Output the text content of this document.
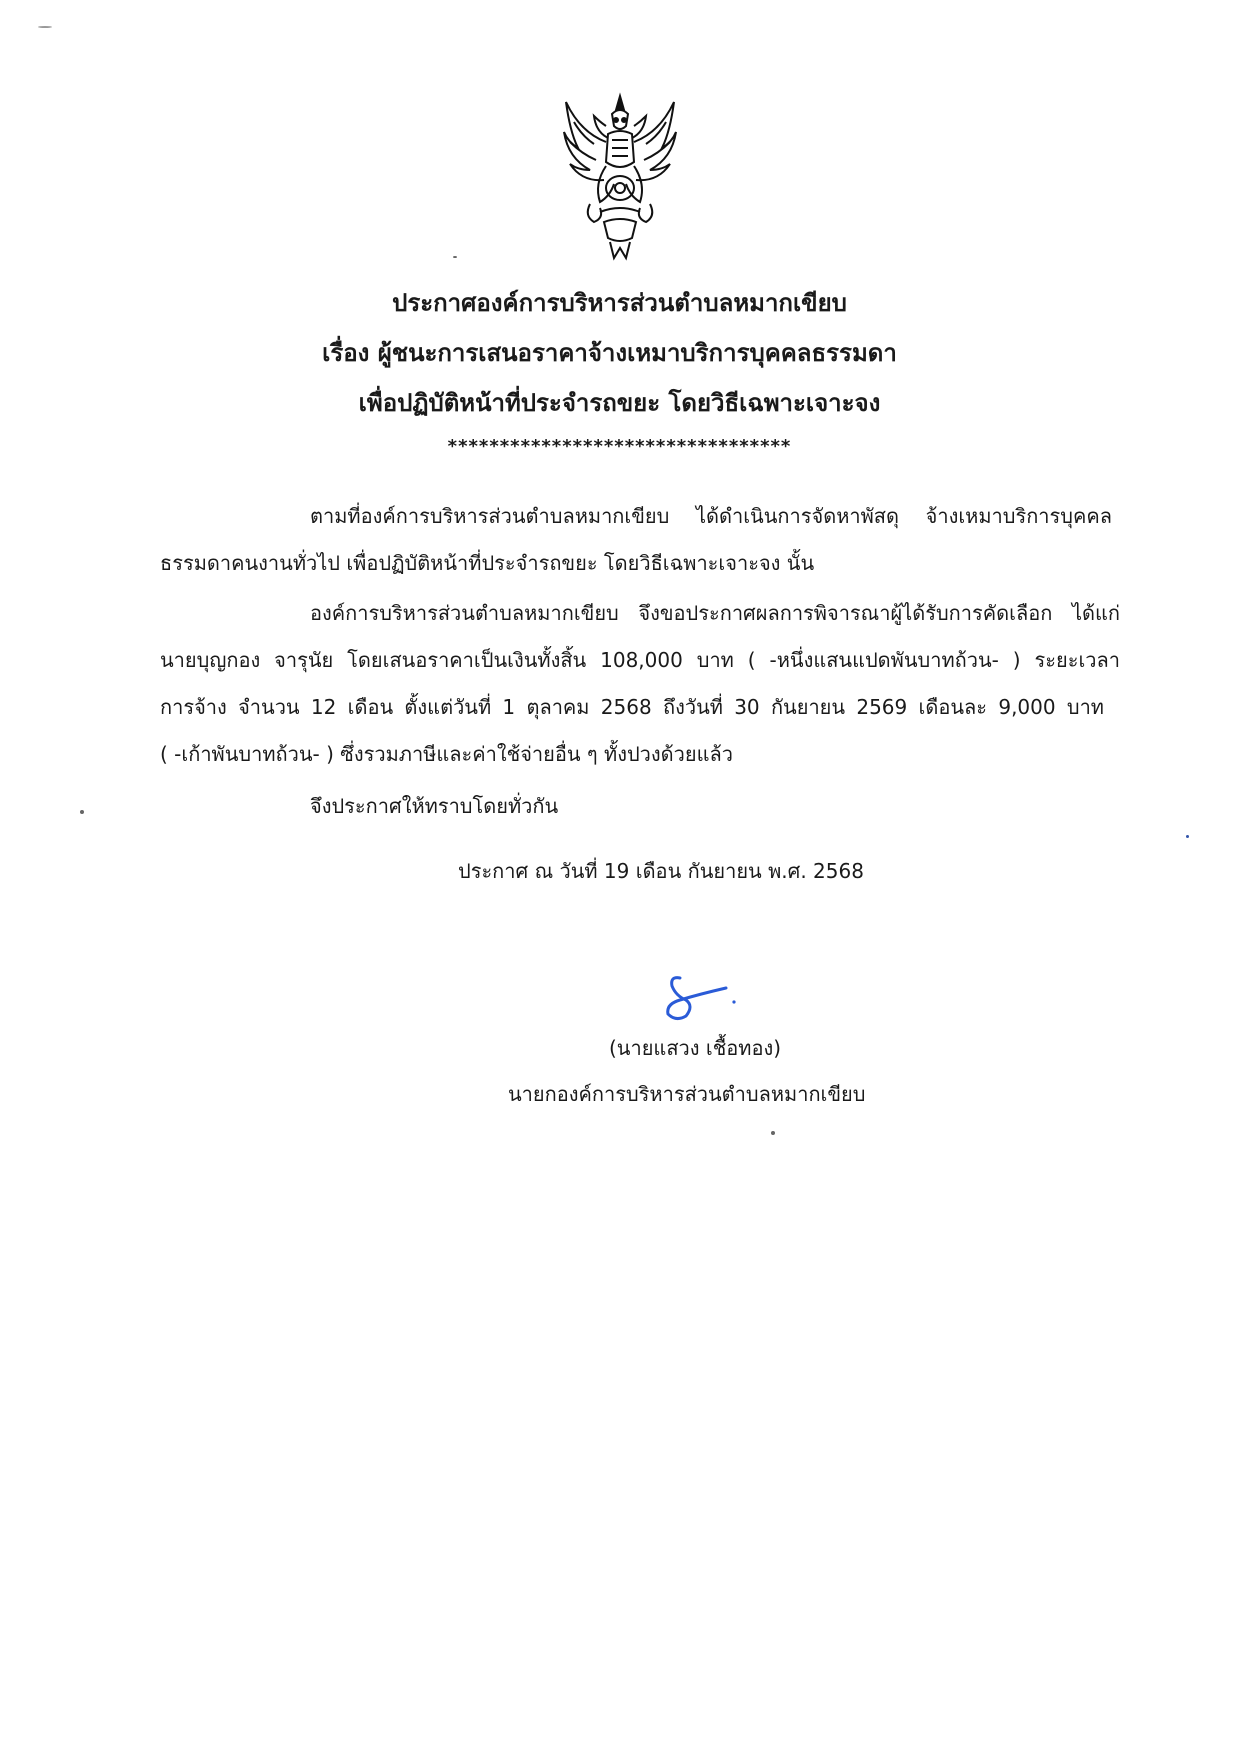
ประกาศองค์การบริหารส่วนตำบลหมากเขียบ
เรื่อง ผู้ชนะการเสนอราคาจ้างเหมาบริการบุคคลธรรมดา
เพื่อปฏิบัติหน้าที่ประจำรถขยะ โดยวิธีเฉพาะเจาะจง
*********************************
ตามที่องค์การบริหารส่วนตำบลหมากเขียบ ได้ดำเนินการจัดหาพัสดุ จ้างเหมาบริการบุคคล
ธรรมดาคนงานทั่วไป เพื่อปฏิบัติหน้าที่ประจำรถขยะ โดยวิธีเฉพาะเจาะจง นั้น
องค์การบริหารส่วนตำบลหมากเขียบ จึงขอประกาศผลการพิจารณาผู้ได้รับการคัดเลือก ได้แก่
นายบุญกอง จารุนัย โดยเสนอราคาเป็นเงินทั้งสิ้น 108,000 บาท ( -หนึ่งแสนแปดพันบาทถ้วน- ) ระยะเวลา
การจ้าง จำนวน 12 เดือน ตั้งแต่วันที่ 1 ตุลาคม 2568 ถึงวันที่ 30 กันยายน 2569 เดือนละ 9,000 บาท
( -เก้าพันบาทถ้วน- ) ซึ่งรวมภาษีและค่าใช้จ่ายอื่น ๆ ทั้งปวงด้วยแล้ว
จึงประกาศให้ทราบโดยทั่วกัน
ประกาศ ณ วันที่ 19 เดือน กันยายน พ.ศ. 2568
(นายแสวง เชื้อทอง)
นายกองค์การบริหารส่วนตำบลหมากเขียบ
